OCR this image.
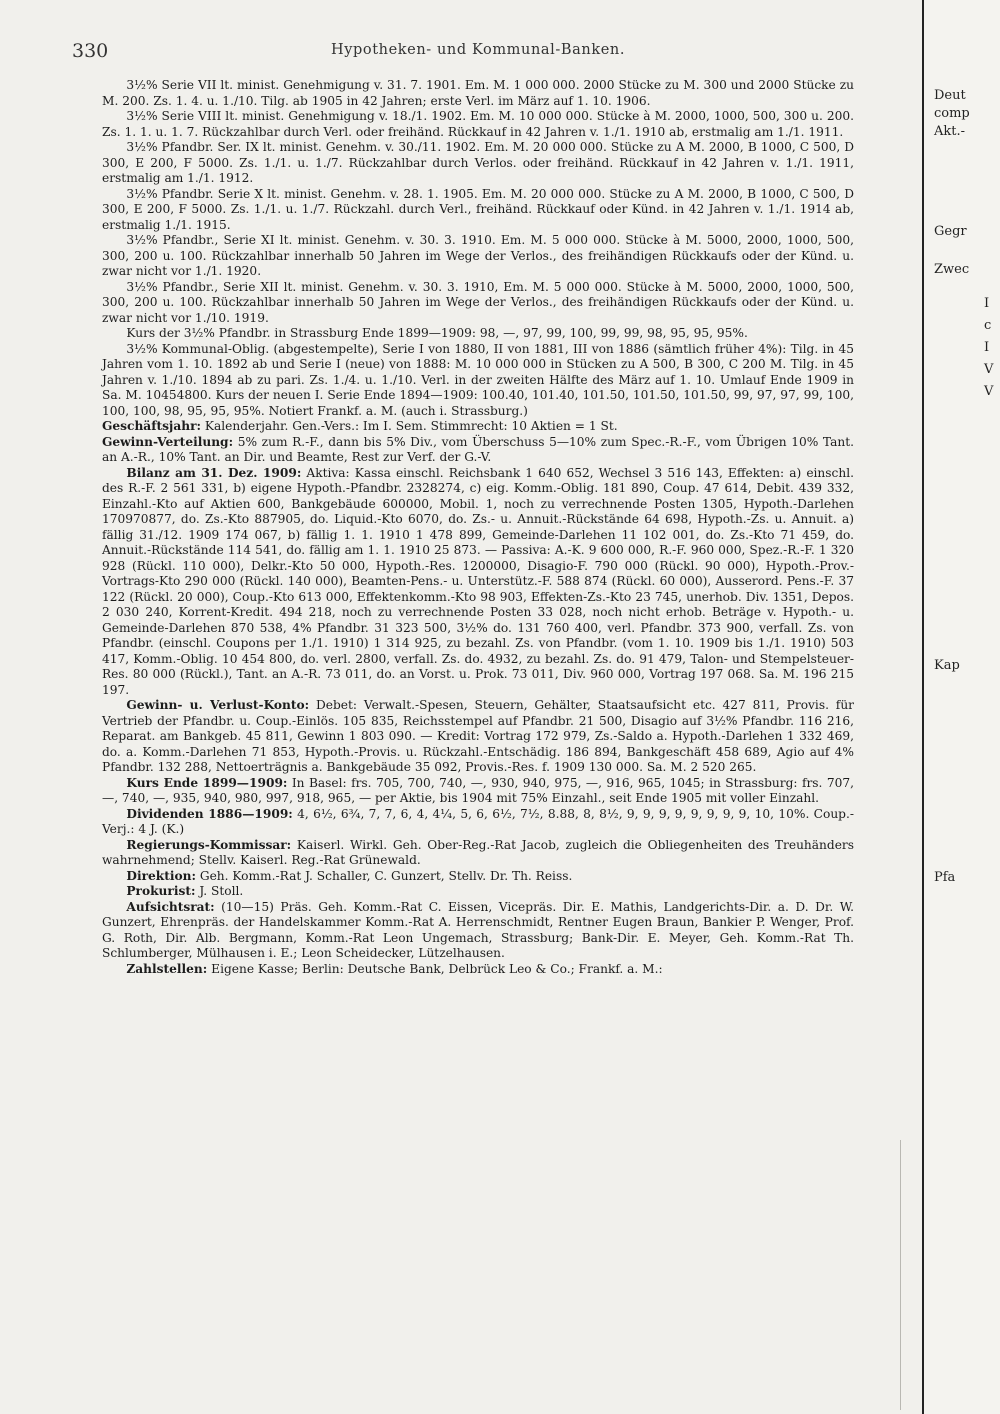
330	Hypotheken- und Kommunal-Banken.

3½% Serie VII lt. minist. Genehmigung v. 31. 7. 1901. Em. M. 1 000 000. 2000 Stücke zu M. 300 und 2000 Stücke zu M. 200. Zs. 1. 4. u. 1./10. Tilg. ab 1905 in 42 Jahren; erste Verl. im März auf 1. 10. 1906.

3½% Serie VIII lt. minist. Genehmigung v. 18./1. 1902. Em. M. 10 000 000. Stücke à M. 2000, 1000, 500, 300 u. 200. Zs. 1. 1. u. 1. 7. Rückzahlbar durch Verl. oder freihänd. Rückkauf in 42 Jahren v. 1./1. 1910 ab, erstmalig am 1./1. 1911.

3½% Pfandbr. Ser. IX lt. minist. Genehm. v. 30./11. 1902. Em. M. 20 000 000. Stücke zu A M. 2000, B 1000, C 500, D 300, E 200, F 5000. Zs. 1./1. u. 1./7. Rückzahlbar durch Verlos. oder freihänd. Rückkauf in 42 Jahren v. 1./1. 1911, erstmalig am 1./1. 1912.

3½% Pfandbr. Serie X lt. minist. Genehm. v. 28. 1. 1905. Em. M. 20 000 000. Stücke zu A M. 2000, B 1000, C 500, D 300, E 200, F 5000. Zs. 1./1. u. 1./7. Rückzahl. durch Verl., freihänd. Rückkauf oder Künd. in 42 Jahren v. 1./1. 1914 ab, erstmalig 1./1. 1915.

3½% Pfandbr., Serie XI lt. minist. Genehm. v. 30. 3. 1910. Em. M. 5 000 000. Stücke à M. 5000, 2000, 1000, 500, 300, 200 u. 100. Rückzahlbar innerhalb 50 Jahren im Wege der Verlos., des freihändigen Rückkaufs oder der Künd. u. zwar nicht vor 1./1. 1920.

3½% Pfandbr., Serie XII lt. minist. Genehm. v. 30. 3. 1910, Em. M. 5 000 000. Stücke à M. 5000, 2000, 1000, 500, 300, 200 u. 100. Rückzahlbar innerhalb 50 Jahren im Wege der Verlos., des freihändigen Rückkaufs oder der Künd. u. zwar nicht vor 1./10. 1919.

Kurs der 3½% Pfandbr. in Strassburg Ende 1899—1909: 98, —, 97, 99, 100, 99, 99, 98, 95, 95, 95%.

3½% Kommunal-Oblig. (abgestempelte), Serie I von 1880, II von 1881, III von 1886 (sämtlich früher 4%): Tilg. in 45 Jahren vom 1. 10. 1892 ab und Serie I (neue) von 1888: M. 10 000 000 in Stücken zu A 500, B 300, C 200 M. Tilg. in 45 Jahren v. 1./10. 1894 ab zu pari. Zs. 1./4. u. 1./10. Verl. in der zweiten Hälfte des März auf 1. 10. Umlauf Ende 1909 in Sa. M. 10454800. Kurs der neuen I. Serie Ende 1894—1909: 100.40, 101.40, 101.50, 101.50, 101.50, 99, 97, 97, 99, 100, 100, 100, 98, 95, 95, 95%. Notiert Frankf. a. M. (auch i. Strassburg.)

Geschäftsjahr: Kalenderjahr. Gen.-Vers.: Im I. Sem. Stimmrecht: 10 Aktien = 1 St.

Gewinn-Verteilung: 5% zum R.-F., dann bis 5% Div., vom Überschuss 5—10% zum Spec.-R.-F., vom Übrigen 10% Tant. an A.-R., 10% Tant. an Dir. und Beamte, Rest zur Verf. der G.-V.

Bilanz am 31. Dez. 1909: Aktiva: Kassa einschl. Reichsbank 1 640 652, Wechsel 3 516 143, Effekten: a) einschl. des R.-F. 2 561 331, b) eigene Hypoth.-Pfandbr. 2328274, c) eig. Komm.-Oblig. 181 890, Coup. 47 614, Debit. 439 332, Einzahl.-Kto auf Aktien 600, Bankgebäude 600000, Mobil. 1, noch zu verrechnende Posten 1305, Hypoth.-Darlehen 170970877, do. Zs.-Kto 887905, do. Liquid.-Kto 6070, do. Zs.- u. Annuit.-Rückstände 64 698, Hypoth.-Zs. u. Annuit. a) fällig 31./12. 1909 174 067, b) fällig 1. 1. 1910 1 478 899, Gemeinde-Darlehen 11 102 001, do. Zs.-Kto 71 459, do. Annuit.-Rückstände 114 541, do. fällig am 1. 1. 1910 25 873. — Passiva: A.-K. 9 600 000, R.-F. 960 000, Spez.-R.-F. 1 320 928 (Rückl. 110 000), Delkr.-Kto 50 000, Hypoth.-Res. 1200000, Disagio-F. 790 000 (Rückl. 90 000), Hypoth.-Prov.-Vortrags-Kto 290 000 (Rückl. 140 000), Beamten-Pens.- u. Unterstütz.-F. 588 874 (Rückl. 60 000), Ausserord. Pens.-F. 37 122 (Rückl. 20 000), Coup.-Kto 613 000, Effektenkomm.-Kto 98 903, Effekten-Zs.-Kto 23 745, unerhob. Div. 1351, Depos. 2 030 240, Korrent-Kredit. 494 218, noch zu verrechnende Posten 33 028, noch nicht erhob. Beträge v. Hypoth.- u. Gemeinde-Darlehen 870 538, 4% Pfandbr. 31 323 500, 3½% do. 131 760 400, verl. Pfandbr. 373 900, verfall. Zs. von Pfandbr. (einschl. Coupons per 1./1. 1910) 1 314 925, zu bezahl. Zs. von Pfandbr. (vom 1. 10. 1909 bis 1./1. 1910) 503 417, Komm.-Oblig. 10 454 800, do. verl. 2800, verfall. Zs. do. 4932, zu bezahl. Zs. do. 91 479, Talon- und Stempelsteuer-Res. 80 000 (Rückl.), Tant. an A.-R. 73 011, do. an Vorst. u. Prok. 73 011, Div. 960 000, Vortrag 197 068. Sa. M. 196 215 197.

Gewinn- u. Verlust-Konto: Debet: Verwalt.-Spesen, Steuern, Gehälter, Staatsaufsicht etc. 427 811, Provis. für Vertrieb der Pfandbr. u. Coup.-Einlös. 105 835, Reichsstempel auf Pfandbr. 21 500, Disagio auf 3½% Pfandbr. 116 216, Reparat. am Bankgeb. 45 811, Gewinn 1 803 090. — Kredit: Vortrag 172 979, Zs.-Saldo a. Hypoth.-Darlehen 1 332 469, do. a. Komm.-Darlehen 71 853, Hypoth.-Provis. u. Rückzahl.-Entschädig. 186 894, Bankgeschäft 458 689, Agio auf 4% Pfandbr. 132 288, Nettoerträgnis a. Bankgebäude 35 092, Provis.-Res. f. 1909 130 000. Sa. M. 2 520 265.

Kurs Ende 1899—1909: In Basel: frs. 705, 700, 740, —, 930, 940, 975, —, 916, 965, 1045; in Strassburg: frs. 707, —, 740, —, 935, 940, 980, 997, 918, 965, — per Aktie, bis 1904 mit 75% Einzahl., seit Ende 1905 mit voller Einzahl.

Dividenden 1886—1909: 4, 6½, 6¾, 7, 7, 6, 4, 4¼, 5, 6, 6½, 7½, 8.88, 8, 8½, 9, 9, 9, 9, 9, 9, 9, 9, 10, 10%. Coup.-Verj.: 4 J. (K.)

Regierungs-Kommissar: Kaiserl. Wirkl. Geh. Ober-Reg.-Rat Jacob, zugleich die Obliegenheiten des Treuhänders wahrnehmend; Stellv. Kaiserl. Reg.-Rat Grünewald.

Direktion: Geh. Komm.-Rat J. Schaller, C. Gunzert, Stellv. Dr. Th. Reiss.

Prokurist: J. Stoll.

Aufsichtsrat: (10—15) Präs. Geh. Komm.-Rat C. Eissen, Vicepräs. Dir. E. Mathis, Landgerichts-Dir. a. D. Dr. W. Gunzert, Ehrenpräs. der Handelskammer Komm.-Rat A. Herrenschmidt, Rentner Eugen Braun, Bankier P. Wenger, Prof. G. Roth, Dir. Alb. Bergmann, Komm.-Rat Leon Ungemach, Strassburg; Bank-Dir. E. Meyer, Geh. Komm.-Rat Th. Schlumberger, Mülhausen i. E.; Leon Scheidecker, Lützelhausen.

Zahlstellen: Eigene Kasse; Berlin: Deutsche Bank, Delbrück Leo & Co.; Frankf. a. M.:

Deut
comp
Akt.-
Gegr
Zwec
I
c
I
V
V
Kap
Pfa
